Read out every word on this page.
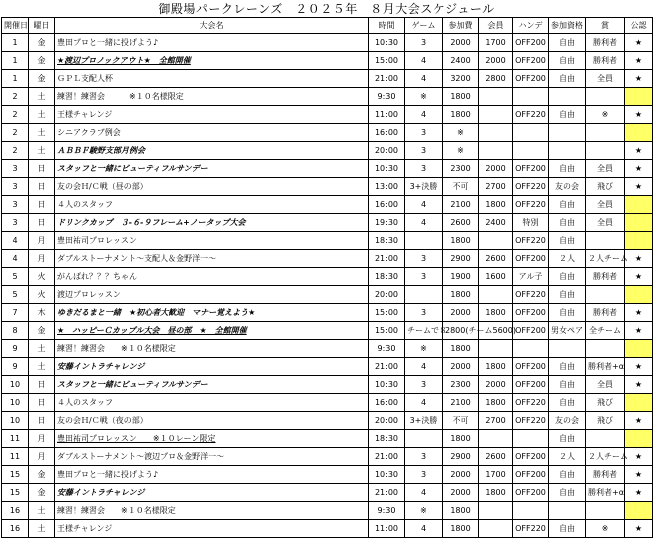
御殿場パークレーンズ　２０２５年　８月大会スケジュール
開催日	曜日	大会名	時間	ゲーム	参加費	会員	ハンデ	参加資格	賞	公認
1	金	豊田プロと一緒に投げよう♪	10:30	3	2000	1700	OFF200	自由	勝利者	★
1	金	★渡辺プロノックアウト★　全館開催	15:00	4	2400	2000	OFF200	自由	勝利者	★
1	金	ＧＰＬ支配人杯	21:00	4	3200	2800	OFF200	自由	全員	★
2	土	練習！練習会　　　※１０名様限定	9:30	※	1800					
2	土	王様チャレンジ	11:00	4	1800		OFF220	自由	※	★
2	土	シニアクラブ例会	16:00	3	※					
2	土	ＡＢＢＦ駿野支部月例会	20:00	3	※					★
3	日	スタッフと一緒にビューティフルサンデー	10:30	3	2300	2000	OFF200	自由	全員	★
3	日	友の会Ｈ/Ｃ戦（昼の部）	13:00	3+決勝	不可	2700	OFF220	友の会	飛び	★
3	日	４人のスタッフ	16:00	4	2100	1800	OFF220	自由	全員	
3	日	ドリンクカップ　３-６-９フレーム+ノータップ大会	19:30	4	2600	2400	特別	自由	全員	
4	月	豊田祐司プロレッスン	18:30		1800		OFF220	自由		
4	月	ダブルストーナメント～支配人＆金野洋一～	21:00	3	2900	2600	OFF200	２人	２人チーム	★
5	火	がんばれ？？？ちゃん	18:30	3	1900	1600	アル子	自由	勝利者	★
5	火	渡辺プロレッスン	20:00		1800		OFF220	自由		
7	木	ゆきだるまと一緒　★初心者大歓迎　マナー覚えよう★	15:00	3	2000	1800	OFF200	自由	勝利者	★
8	金	★　ハッピーＣカップル大会　昼の部　★　全館開催	15:00	チームで８	2800(チーム5600)		OFF200	男女ペア	全チーム	★
9	土	練習！練習会　　※１０名様限定	9:30	※	1800					
9	土	安藤イントラチャレンジ	21:00	4	2000	1800	OFF200	自由	勝利者+α	★
10	日	スタッフと一緒にビューティフルサンデー	10:30	3	2300	2000	OFF200	自由	全員	★
10	日	４人のスタッフ	16:00	4	2100	1800	OFF220	自由	飛び	
10	日	友の会Ｈ/Ｃ戦（夜の部）	20:00	3+決勝	不可	2700	OFF220	友の会	飛び	★
11	月	豊田祐司プロレッスン　　※１０レーン限定	18:30		1800			自由		
11	月	ダブルストーナメント～渡辺プロ＆金野洋一～	21:00	3	2900	2600	OFF200	２人	２人チーム	★
15	金	豊田プロと一緒に投げよう♪	10:30	3	2000	1700	OFF200	自由	勝利者	★
15	金	安藤イントラチャレンジ	21:00	4	2000	1800	OFF200	自由	勝利者+α	★
16	土	練習！練習会　　※１０名様限定	9:30	※	1800					
16	土	王様チャレンジ	11:00	4	1800		OFF220	自由	※	★
